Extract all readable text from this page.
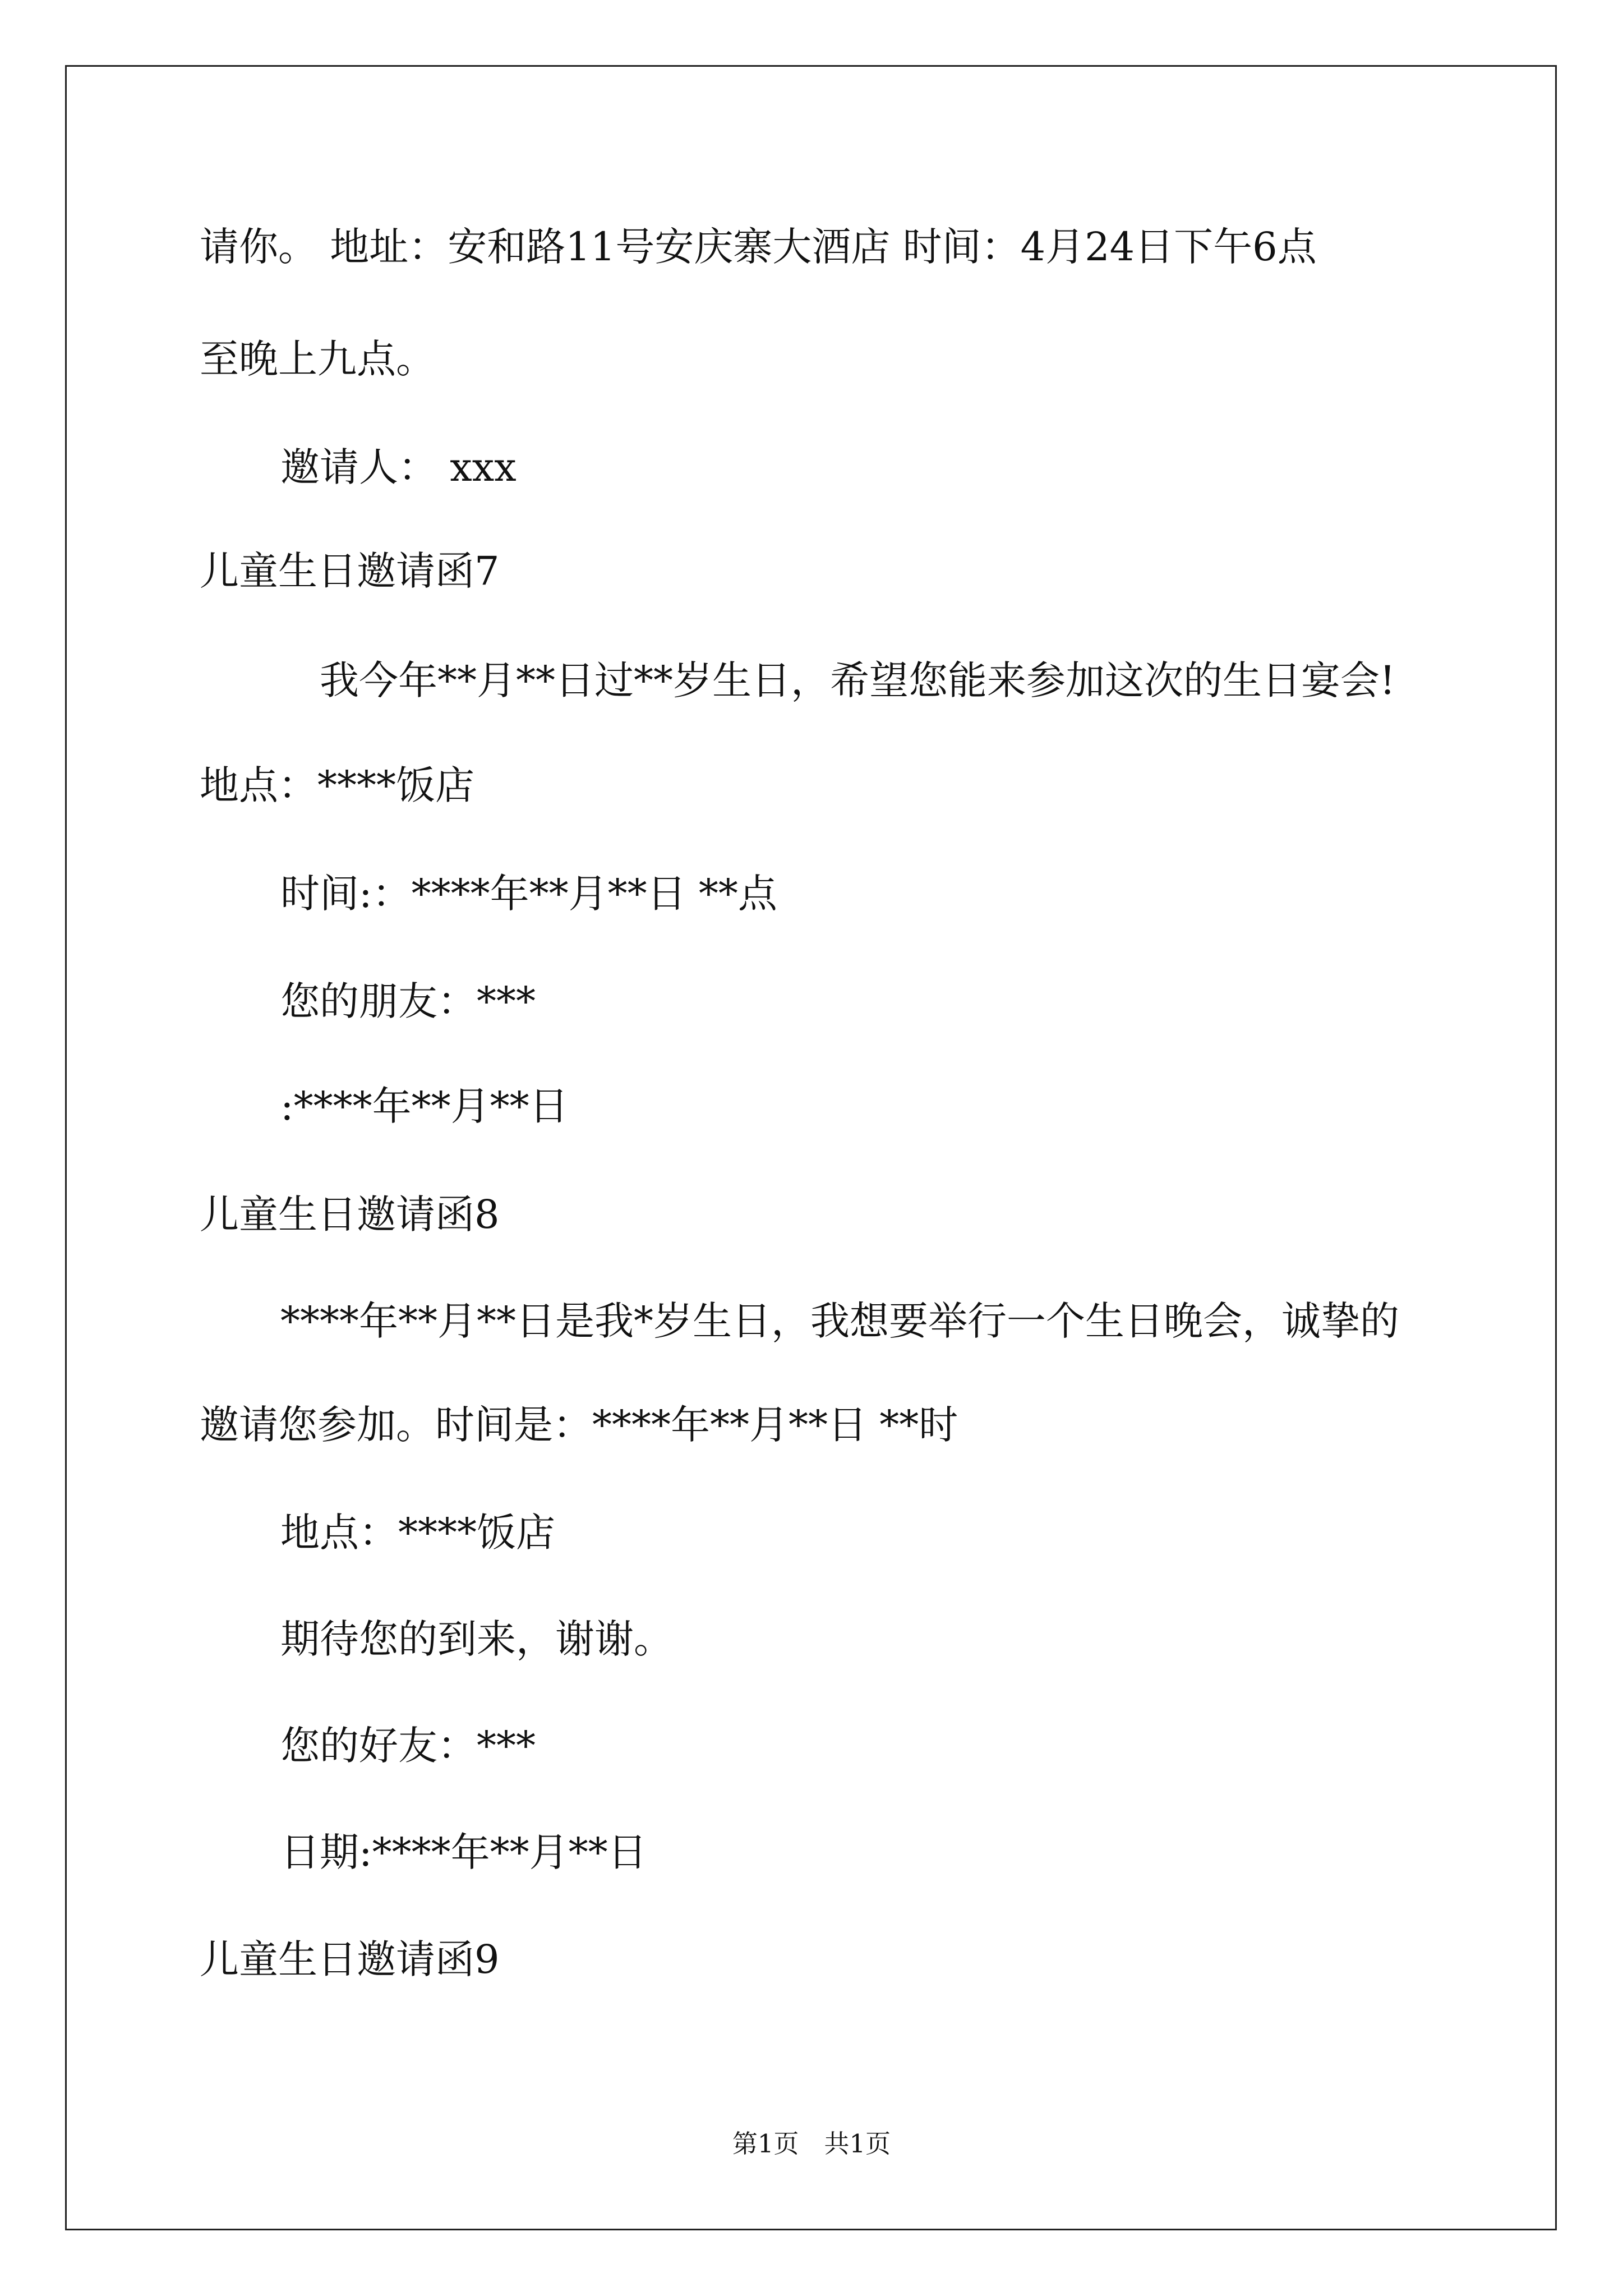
请你。 地址：安和路11号安庆寨大酒店 时间：4月24日下午6点
至晚上九点。
邀请人： xxx
儿童生日邀请函7
我今年**月**日过**岁生日，希望您能来参加这次的生日宴会!
地点：****饭店
时间:：****年**月**日 **点
您的朋友：***
:****年**月**日
儿童生日邀请函8
****年**月**日是我*岁生日，我想要举行一个生日晚会，诚挚的
邀请您参加。时间是：****年**月**日 **时
地点：****饭店
期待您的到来，谢谢。
您的好友：***
日期:****年**月**日
儿童生日邀请函9
第1页　共1页
